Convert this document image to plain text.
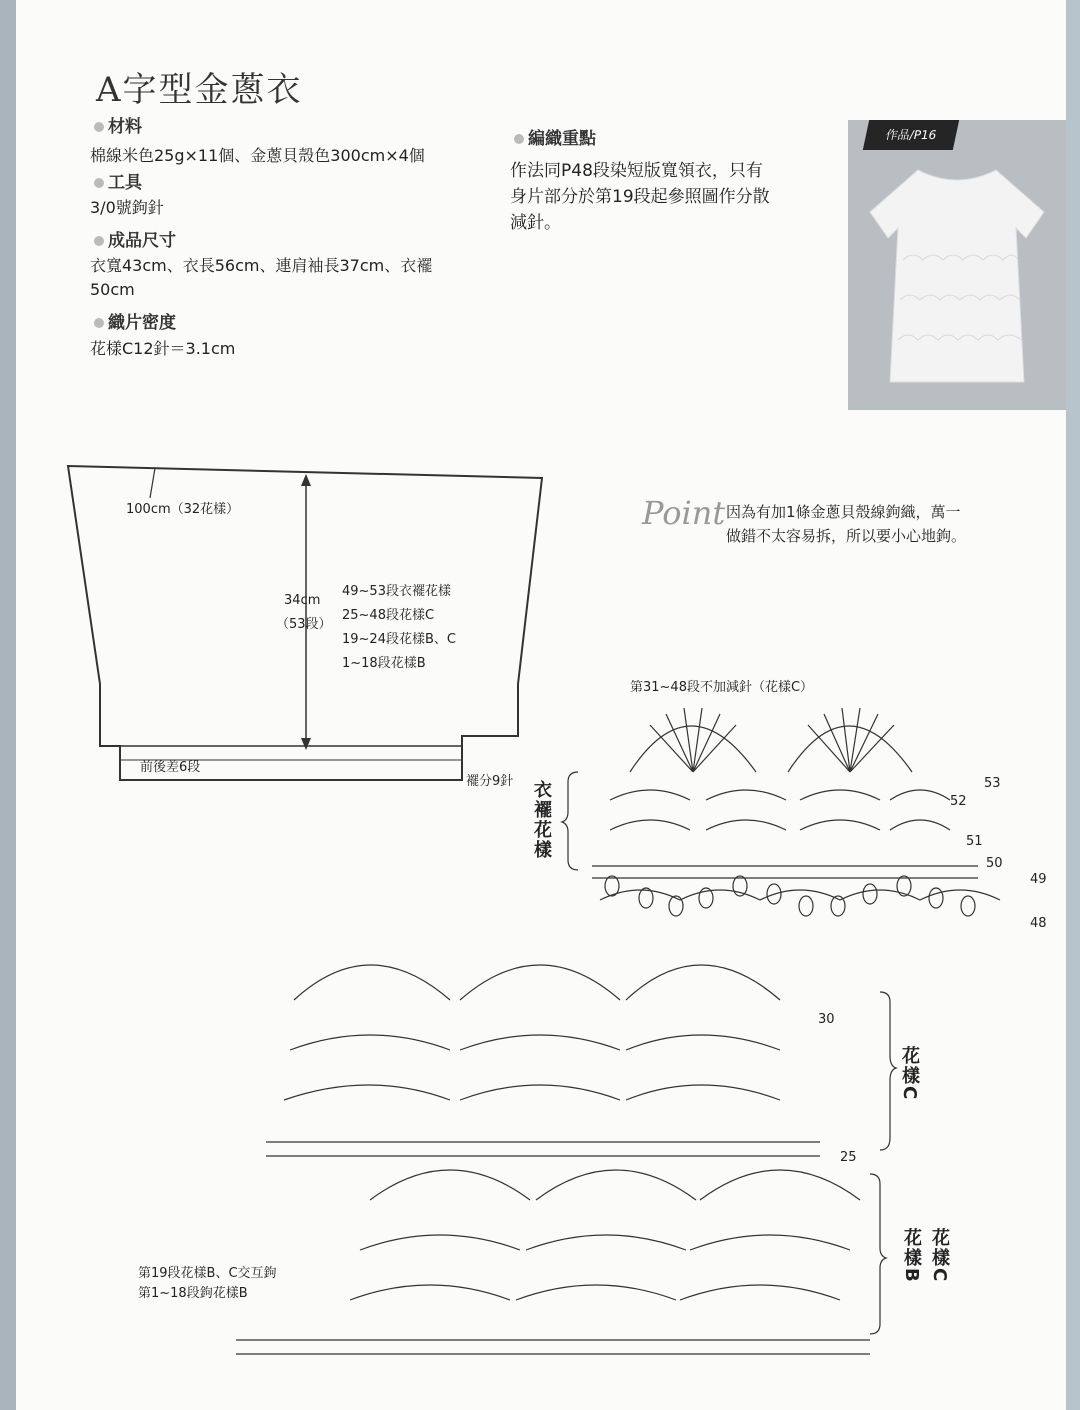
A字型金蔥衣
材料
棉線米色25g×11個、金蔥貝殼色300cm×4個
工具
3/0號鉤針
成品尺寸
衣寬43cm、衣長56cm、連肩袖長37cm、衣襬
50cm
織片密度
花樣C12針＝3.1cm
編織重點
作法同P48段染短版寬領衣，只有
身片部分於第19段起參照圖作分散
減針。
作品/P16
100cm（32花樣）
34cm
（53段）
49~53段衣襬花樣
25~48段花樣C
19~24段花樣B、C
1~18段花樣B
前後差6段
襬分9針
Point 因為有加1條金蔥貝殼線鉤織，萬一
做錯不太容易拆，所以要小心地鉤。
第31~48段不加減針（花樣C）
衣襬花樣	53
52
51
50
49
48
花樣C
30
25
花樣C
花樣B
第19段花樣B、C交互鉤
第1~18段鉤花樣B
